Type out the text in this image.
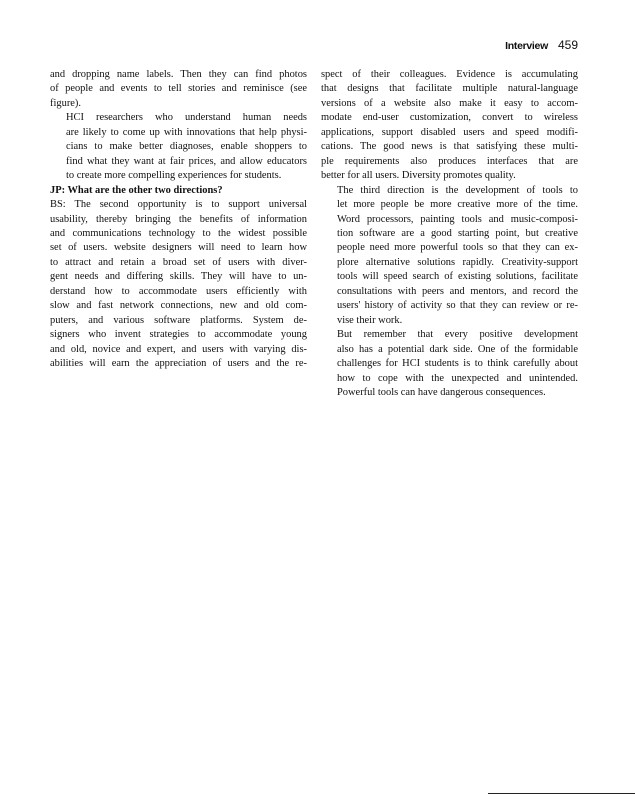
Interview 459

and dropping name labels. Then they can find photos
of people and events to tell stories and reminisce (see
figure).

HCI researchers who understand human needs
are likely to come up with innovations that help physi-
cians to make better diagnoses, enable shoppers to
find what they want at fair prices, and allow educators
to create more compelling experiences for students.

JP: What are the other two directions?

BS: The second opportunity is to support universal
usability, thereby bringing the benefits of information
and communications technology to the widest possible
set of users. website designers will need to learn how
to attract and retain a broad set of users with diver-
gent needs and differing skills. They will have to un-
derstand how to accommodate users efficiently with
slow and fast network connections, new and old com-
puters, and various software platforms. System de-
signers who invent strategies to accommodate young
and old, novice and expert, and users with varying dis-
abilities will earn the appreciation of users and the re-

spect of their colleagues. Evidence is accumulating
that designs that facilitate multiple natural-language
versions of a website also make it easy to accom-
modate end-user customization, convert to wireless
applications, support disabled users and speed modifi-
cations. The good news is that satisfying these multi-
ple requirements also produces interfaces that are
better for all users. Diversity promotes quality.

The third direction is the development of tools to
let more people be more creative more of the time.
Word processors, painting tools and music-composi-
tion software are a good starting point, but creative
people need more powerful tools so that they can ex-
plore alternative solutions rapidly. Creativity-support
tools will speed search of existing solutions, facilitate
consultations with peers and mentors, and record the
users' history of activity so that they can review or re-
vise their work.

But remember that every positive development
also has a potential dark side. One of the formidable
challenges for HCI students is to think carefully about
how to cope with the unexpected and unintended.
Powerful tools can have dangerous consequences.
